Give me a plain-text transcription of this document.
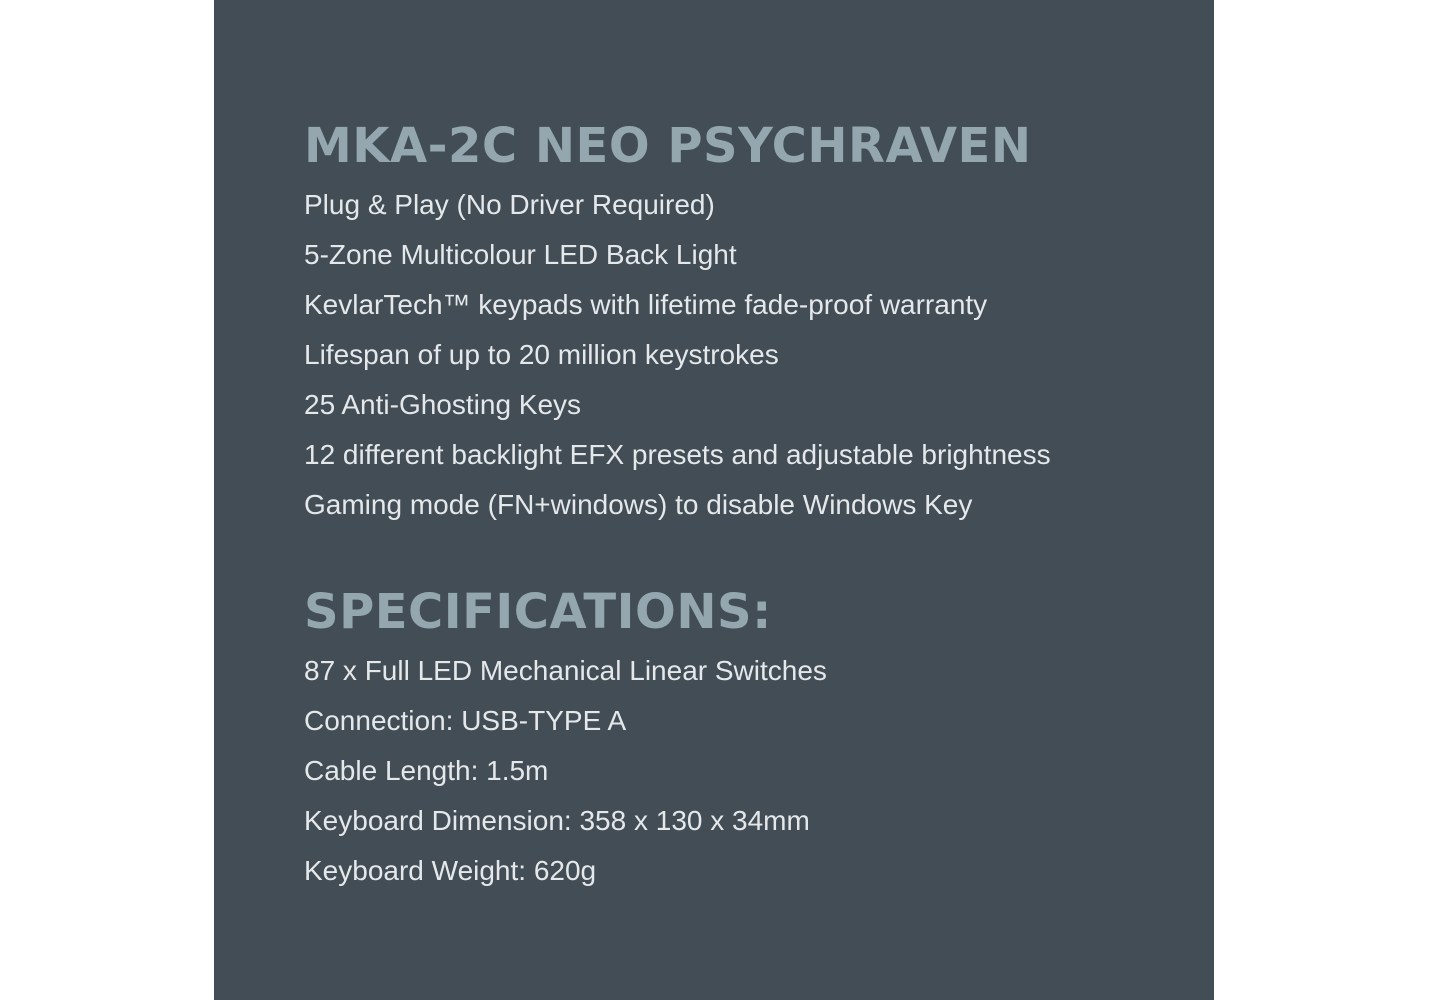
MKA-2C NEO PSYCHRAVEN
Plug & Play (No Driver Required)
5-Zone Multicolour LED Back Light
KevlarTech™ keypads with lifetime fade-proof warranty
Lifespan of up to 20 million keystrokes
25 Anti-Ghosting Keys
12 different backlight EFX presets and adjustable brightness
Gaming mode (FN+windows) to disable Windows Key
SPECIFICATIONS:
87 x Full LED Mechanical Linear Switches
Connection: USB-TYPE A
Cable Length: 1.5m
Keyboard Dimension: 358 x 130 x 34mm
Keyboard Weight: 620g
